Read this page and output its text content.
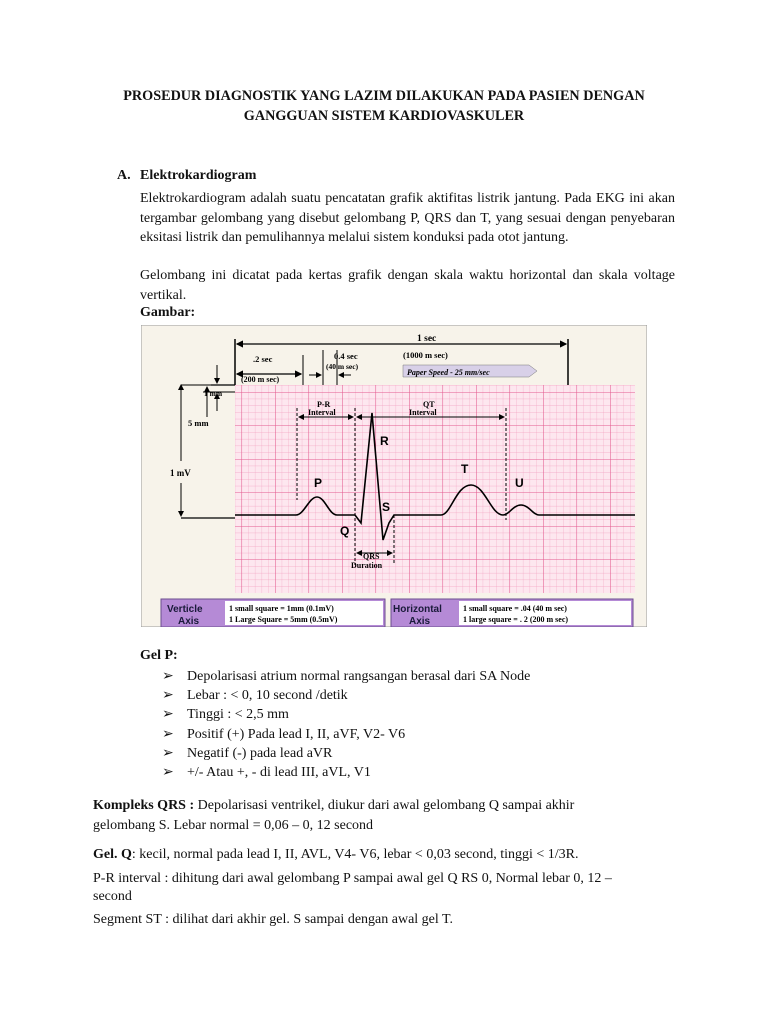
PROSEDUR DIAGNOSTIK YANG LAZIM DILAKUKAN PADA PASIEN DENGAN
GANGGUAN SISTEM KARDIOVASKULER
A. Elektrokardiogram
Elektrokardiogram adalah suatu pencatatan grafik aktifitas listrik jantung. Pada EKG ini akan tergambar gelombang yang disebut gelombang P, QRS dan T, yang sesuai dengan penyebaran eksitasi listrik dan pemulihannya melalui sistem konduksi pada otot jantung.
Gelombang ini dicatat pada kertas grafik dengan skala waktu horizontal dan skala voltage vertikal.
Gambar:
1 sec
(1000 m sec)
.2 sec
(200 m sec)
0.4 sec
(40 m sec)
Paper Speed - 25 mm/sec
1 mm
5 mm
1 mV
P-R
Interval
QT
Interval
QRS
Duration
P
Q
R
S
T
U
Verticle
Axis
1 small square = 1mm (0.1mV)
1 Large Square = 5mm (0.5mV)
Horizontal
Axis
1 small square = .04 (40 m sec)
1 large square = . 2 (200 m sec)
Gel P:
➢ Depolarisasi atrium normal rangsangan berasal dari SA Node
➢ Lebar : < 0, 10 second /detik
➢ Tinggi : < 2,5 mm
➢ Positif (+) Pada lead I, II, aVF, V2- V6
➢ Negatif (-) pada lead aVR
➢ +/- Atau +, - di lead III, aVL, V1
Kompleks QRS : Depolarisasi ventrikel, diukur dari awal gelombang Q sampai akhir
gelombang S. Lebar normal = 0,06 – 0, 12 second
Gel. Q: kecil, normal pada lead I, II, AVL, V4- V6, lebar < 0,03 second, tinggi < 1/3R.
P-R interval : dihitung dari awal gelombang P sampai awal gel Q RS 0, Normal lebar 0, 12 –
second
Segment ST : dilihat dari akhir gel. S sampai dengan awal gel T.
